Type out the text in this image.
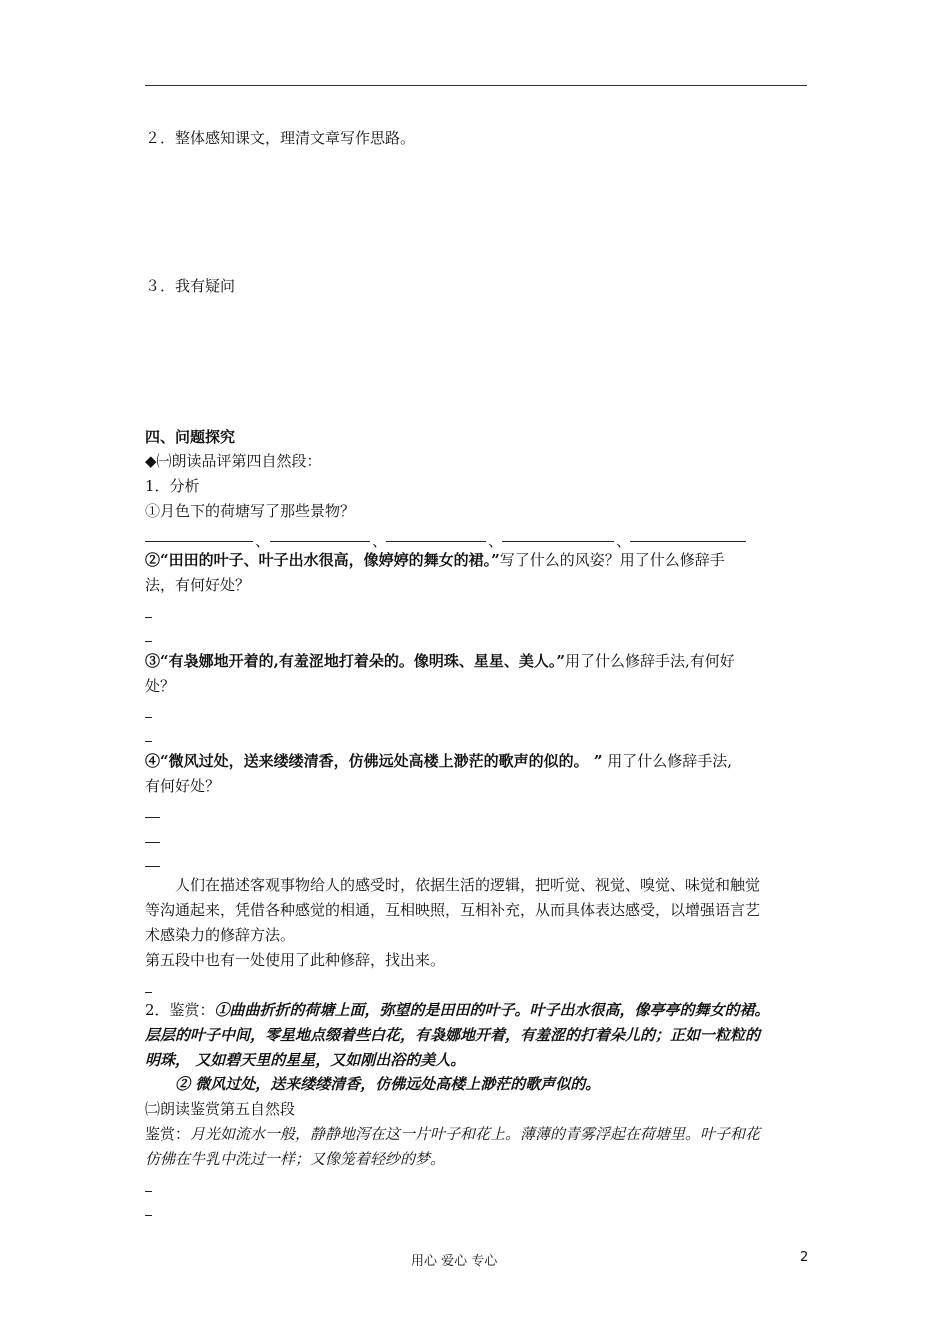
２．整体感知课文，理清文章写作思路。
３．我有疑问
四、问题探究
◆㈠朗读品评第四自然段：
1．分析
①月色下的荷塘写了那些景物？
、	、	、	、
②“田田的叶子、叶子出水很高，像婷婷的舞女的裙。”写了什么的风姿？用了什么修辞手
法，有何好处？
③“有袅娜地开着的,有羞涩地打着朵的。像明珠、星星、美人。”用了什么修辞手法,有何好
处？
④“微风过处，送来缕缕清香，仿佛远处高楼上渺茫的歌声的似的。 ” 用了什么修辞手法,
有何好处？
人们在描述客观事物给人的感受时，依据生活的逻辑，把听觉、视觉、嗅觉、味觉和触觉
等沟通起来，凭借各种感觉的相通，互相映照，互相补充，从而具体表达感受，以增强语言艺
术感染力的修辞方法。
第五段中也有一处使用了此种修辞，找出来。
2．鉴赏：①曲曲折折的荷塘上面，弥望的是田田的叶子。叶子出水很高，像亭亭的舞女的裙。
层层的叶子中间，零星地点缀着些白花，有袅娜地开着，有羞涩的打着朵儿的；正如一粒粒的
明珠， 又如碧天里的星星，又如刚出浴的美人。
② 微风过处，送来缕缕清香，仿佛远处高楼上渺茫的歌声似的。
㈡朗读鉴赏第五自然段
鉴赏：月光如流水一般，静静地泻在这一片叶子和花上。薄薄的青雾浮起在荷塘里。叶子和花
仿佛在牛乳中洗过一样；又像笼着轻纱的梦。
用心 爱心 专心	2
